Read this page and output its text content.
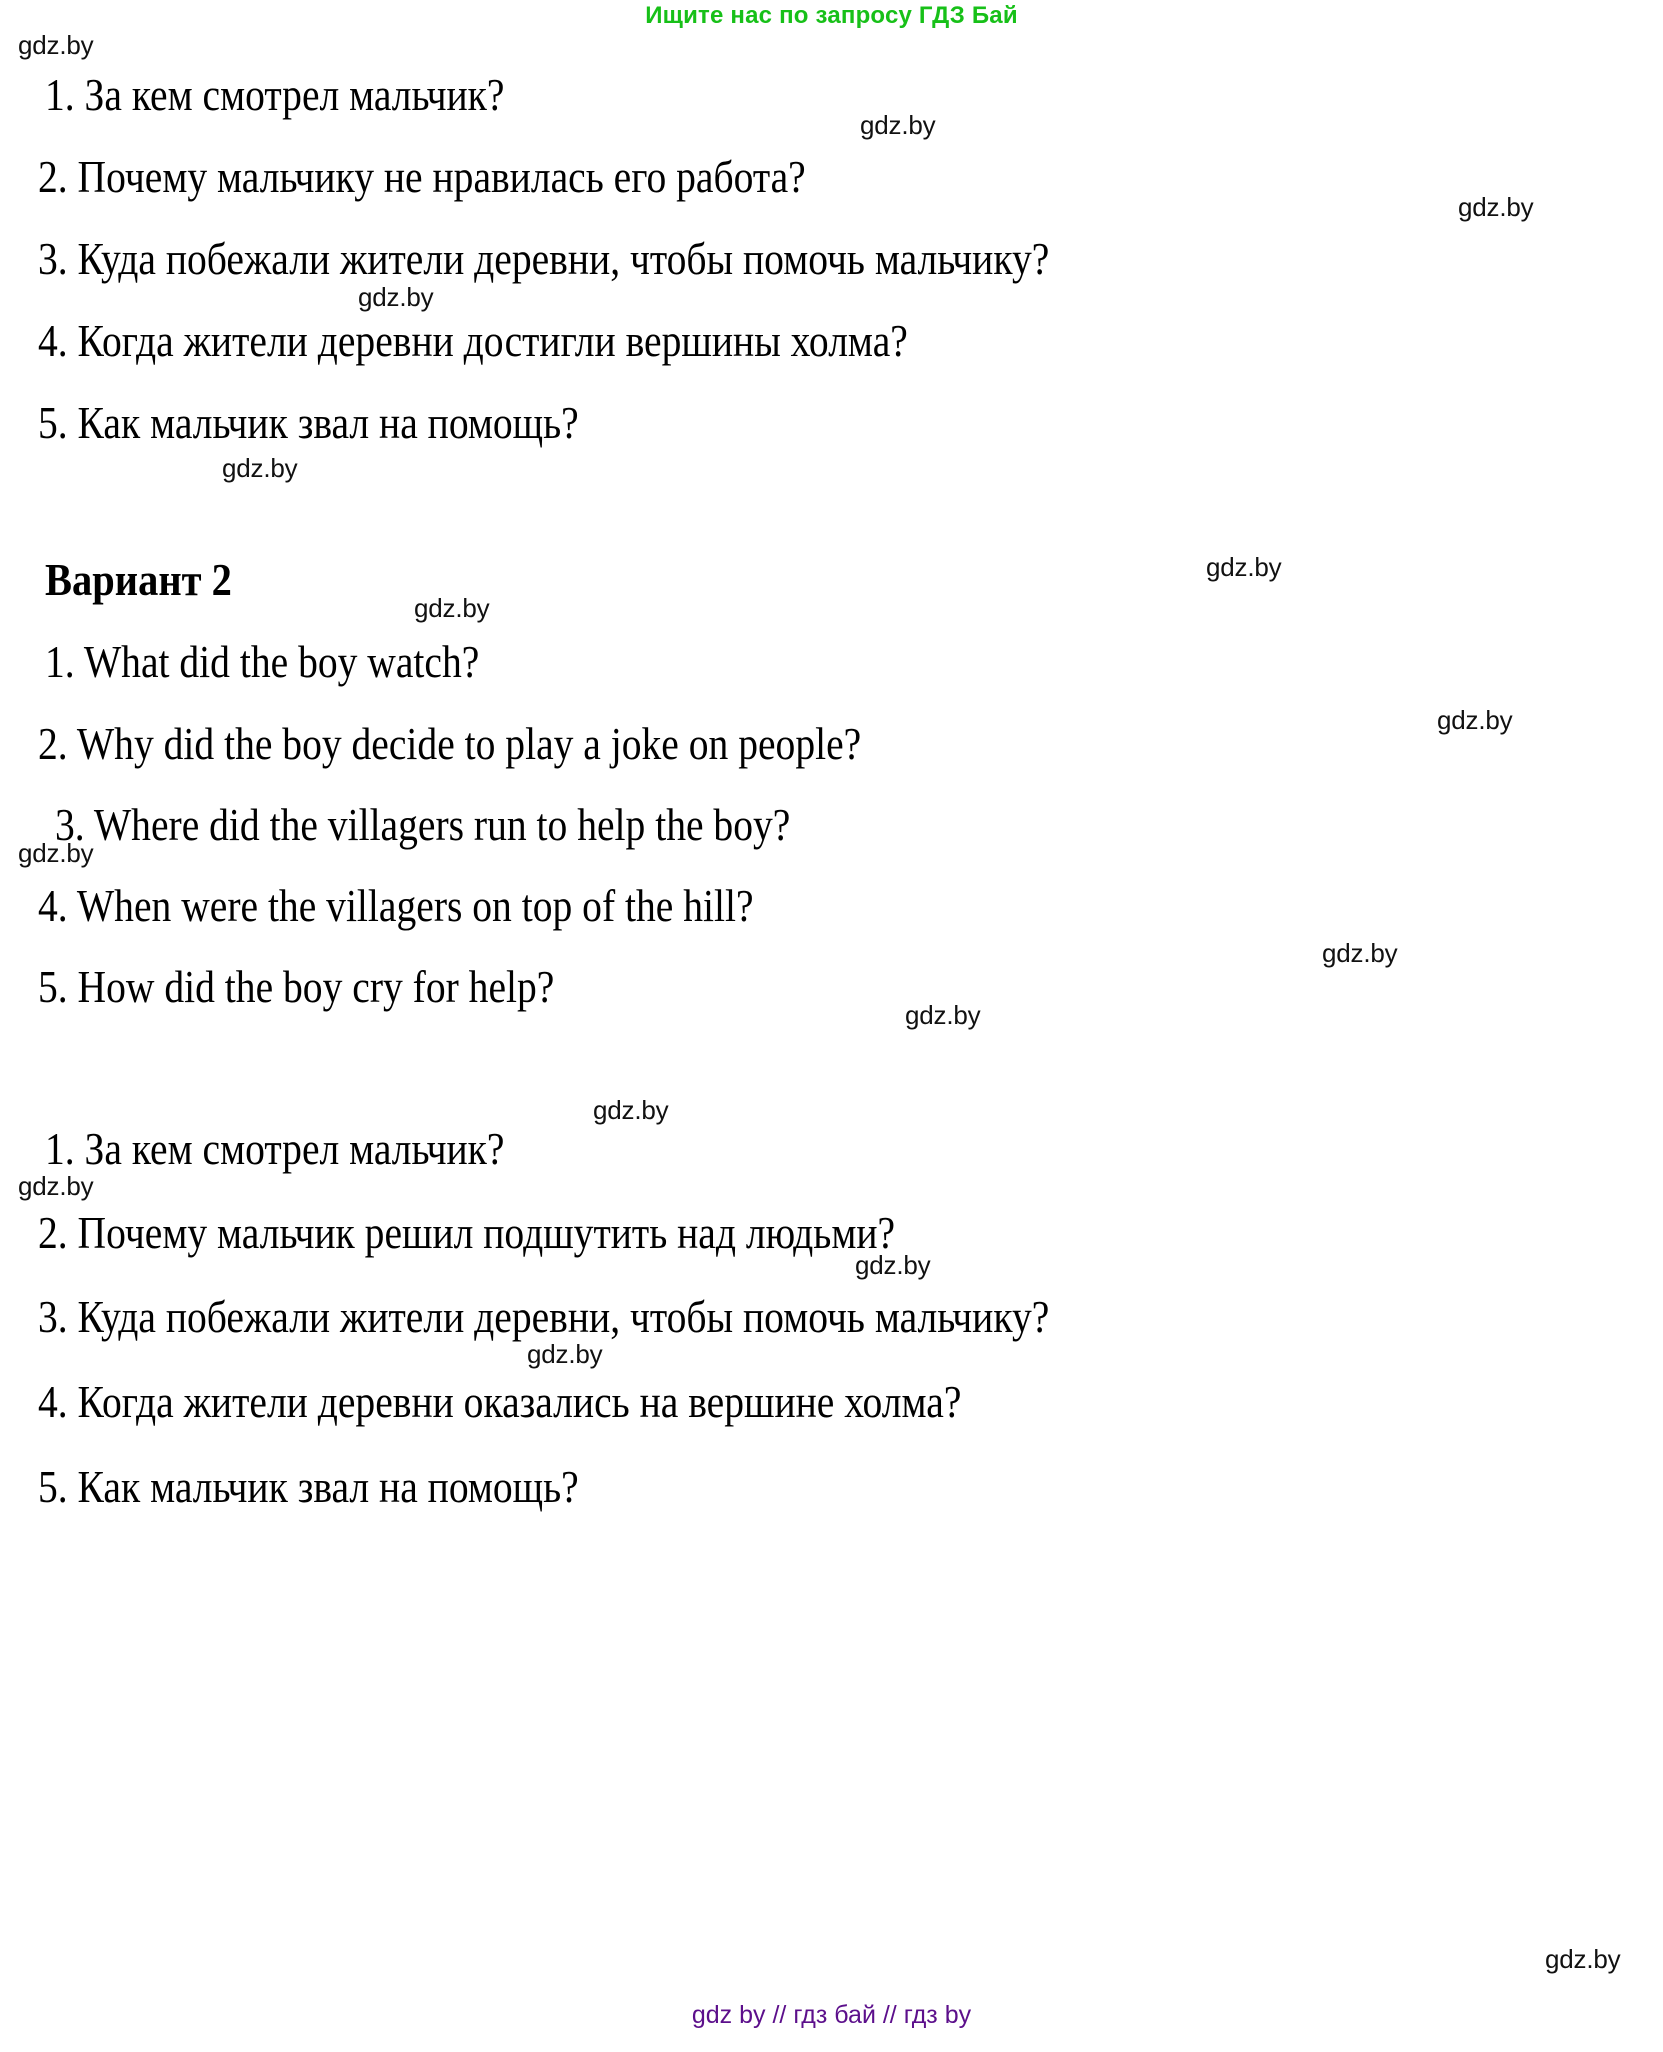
Ищите нас по запросу ГДЗ Бай
gdz.by
gdz.by
gdz.by
gdz.by
gdz.by
gdz.by
gdz.by
gdz.by
gdz.by
gdz.by
gdz.by
gdz.by
gdz.by
gdz.by
gdz.by
gdz.by
1. За кем смотрел мальчик?
2. Почему мальчику не нравилась его работа?
3. Куда побежали жители деревни, чтобы помочь мальчику?
4. Когда жители деревни достигли вершины холма?
5. Как мальчик звал на помощь?
Вариант 2
1. What did the boy watch?
2. Why did the boy decide to play a joke on people?
3. Where did the villagers run to help the boy?
4. When were the villagers on top of the hill?
5. How did the boy cry for help?
1. За кем смотрел мальчик?
2. Почему мальчик решил подшутить над людьми?
3. Куда побежали жители деревни, чтобы помочь мальчику?
4. Когда жители деревни оказались на вершине холма?
5. Как мальчик звал на помощь?
gdz by // гдз бай // гдз by
